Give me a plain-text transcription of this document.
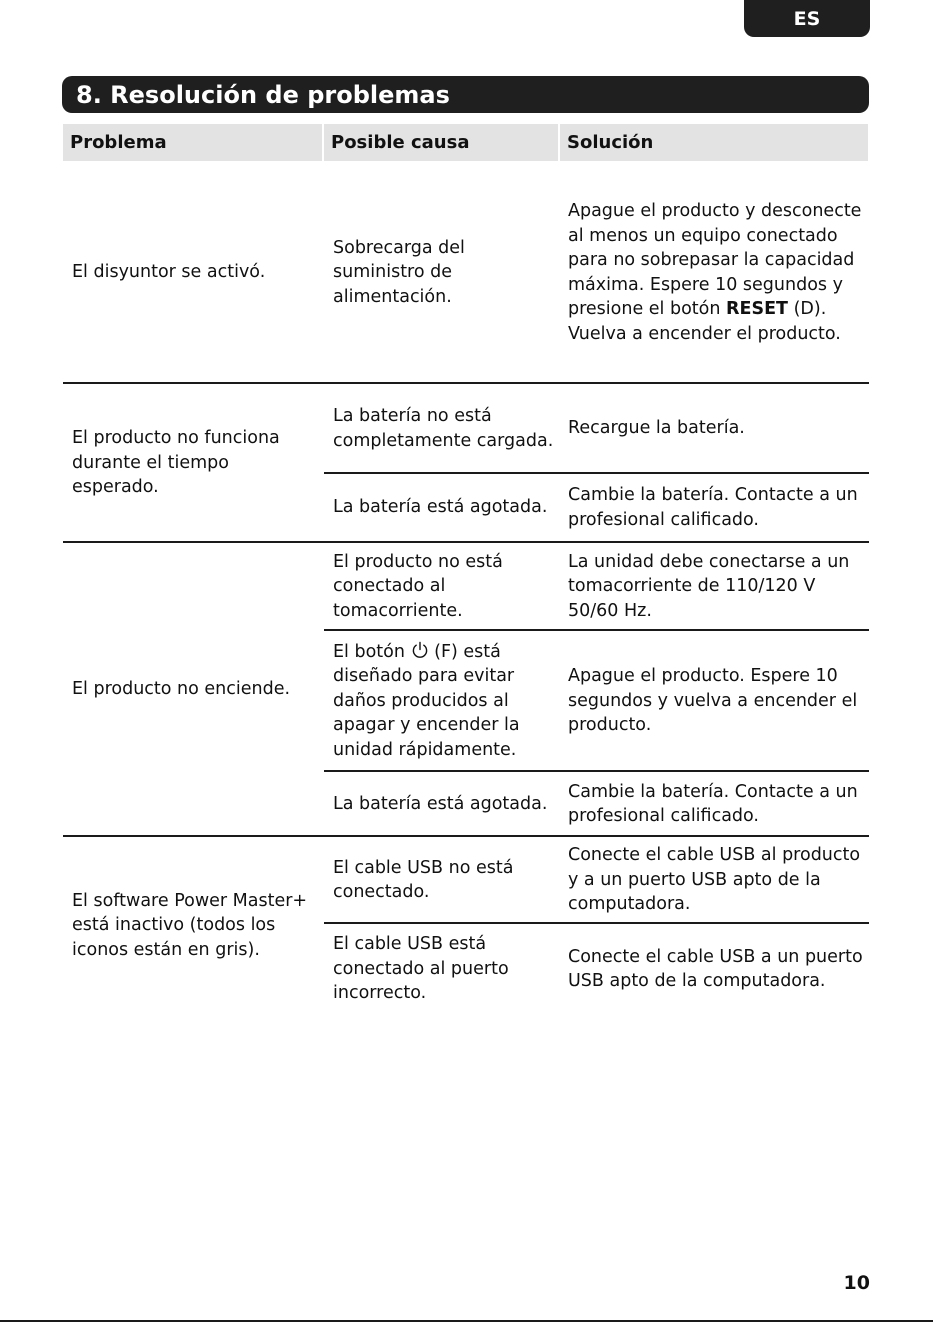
ES
8. Resolución de problemas
Problema	Posible causa	Solución
El disyuntor se activó.
Sobrecarga del suministro de alimentación.
Apague el producto y desconecte al menos un equipo conectado para no sobrepasar la capacidad máxima. Espere 10 segundos y presione el botón RESET (D). Vuelva a encender el producto.
El producto no funciona durante el tiempo esperado.
La batería no está completamente cargada.
Recargue la batería.
La batería está agotada.
Cambie la batería. Contacte a un profesional calificado.
El producto no enciende.
El producto no está conectado al tomacorriente.
La unidad debe conectarse a un tomacorriente de 110/120 V 50/60 Hz.
El botón (F) está diseñado para evitar daños producidos al apagar y encender la unidad rápidamente.
Apague el producto. Espere 10 segundos y vuelva a encender el producto.
La batería está agotada.
Cambie la batería. Contacte a un profesional calificado.
El software Power Master+ está inactivo (todos los iconos están en gris).
El cable USB no está conectado.
Conecte el cable USB al producto y a un puerto USB apto de la computadora.
El cable USB está conectado al puerto incorrecto.
Conecte el cable USB a un puerto USB apto de la computadora.
10
